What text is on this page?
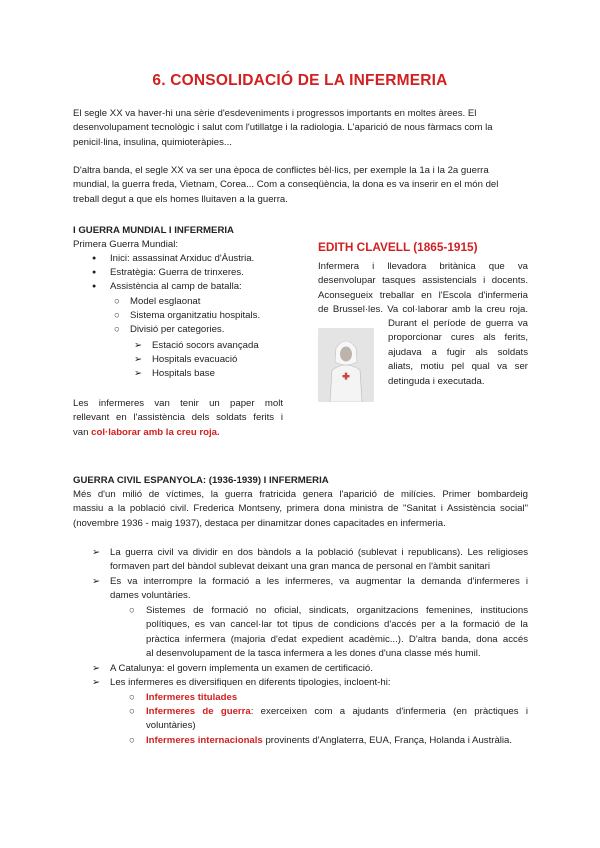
6. CONSOLIDACIÓ DE LA INFERMERIA
El segle XX va haver-hi una sèrie d'esdeveniments i progressos importants en moltes àrees. El
desenvolupament tecnològic i salut com l'utillatge i la radiologia. L'aparició de nous fàrmacs com la
penicil·lina, insulina, quimioteràpies...
D'altra banda, el segle XX va ser una època de conflictes bèl·lics, per exemple la 1a i la 2a guerra
mundial, la guerra freda, Vietnam, Corea... Com a conseqüència, la dona es va inserir en el món del
treball degut a que els homes lluitaven a la guerra.
I GUERRA MUNDIAL I INFERMERIA
Primera Guerra Mundial:
● Inici: assassinat Arxiduc d'Àustria.
● Estratègia: Guerra de trinxeres.
● Assistència al camp de batalla:
○ Model esglaonat
○ Sistema organitzatiu hospitals.
○ Divisió per categories.
➢ Estació socors avançada
➢ Hospitals evacuació
➢ Hospitals base
Les infermeres van tenir un paper molt
rellevant en l'assistència dels soldats ferits i
van col·laborar amb la creu roja.
EDITH CLAVELL (1865-1915)
Infermera i llevadora britànica que va
desenvolupar tasques assistencials i docents.
Aconsegueix treballar en l'Escola d'infermeria
de Brussel·les. Va col·laborar amb la creu roja.
Durant el període de guerra va
proporcionar cures als ferits,
ajudava a fugir als soldats
aliats, motiu pel qual va ser
detinguda i executada.
GUERRA CIVIL ESPANYOLA: (1936-1939) I INFERMERIA
Més d'un milió de víctimes, la guerra fratricida genera l'aparició de milícies. Primer bombardeig
massiu a la població civil. Frederica Montseny, primera dona ministra de "Sanitat i Assistència social"
(novembre 1936 - maig 1937), destaca per dinamitzar dones capacitades en infermeria.
➢ La guerra civil va dividir en dos bàndols a la població (sublevat i republicans). Les religioses
formaven part del bàndol sublevat deixant una gran manca de personal en l'àmbit sanitari
➢ Es va interrompre la formació a les infermeres, va augmentar la demanda d'infermeres i
dames voluntàries.
○ Sistemes de formació no oficial, sindicats, organitzacions femenines, institucions
polítiques, es van cancel·lar tot tipus de condicions d'accés per a la formació de la
pràctica infermera (majoria d'edat expedient acadèmic...). D'altra banda, dona accés
al desenvolupament de la tasca infermera a les dones d'una classe més humil.
➢ A Catalunya: el govern implementa un examen de certificació.
➢ Les infermeres es diversifiquen en diferents tipologies, incloent-hi:
○ Infermeres titulades
○ Infermeres de guerra: exerceixen com a ajudants d'infermeria (en pràctiques i
voluntàries)
○ Infermeres internacionals provinents d'Anglaterra, EUA, França, Holanda i Austràlia.
